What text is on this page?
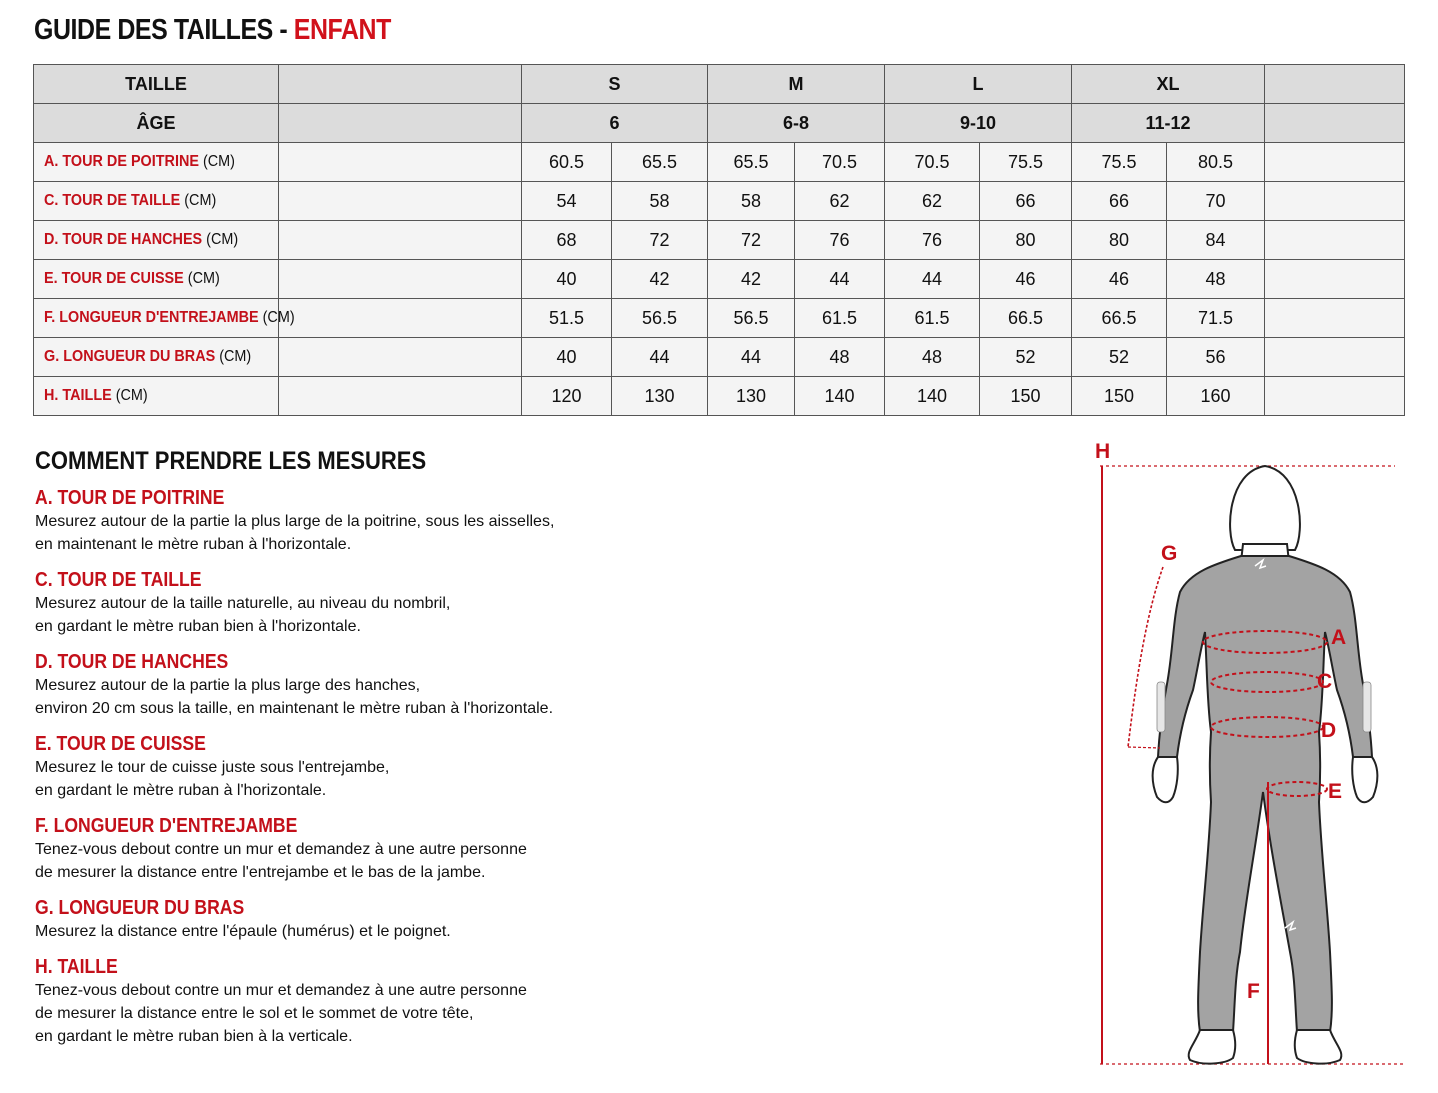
GUIDE DES TAILLES - ENFANT
TAILLE		S		M		L		XL		
ÂGE		6		6-8		9-10		11-12		
A. TOUR DE POITRINE (CM)		60.5	65.5	65.5	70.5	70.5	75.5	75.5	80.5	
C. TOUR DE TAILLE (CM)		54	58	58	62	62	66	66	70	
D. TOUR DE HANCHES (CM)		68	72	72	76	76	80	80	84	
E. TOUR DE CUISSE (CM)		40	42	42	44	44	46	46	48	
F. LONGUEUR D'ENTREJAMBE (CM)		51.5	56.5	56.5	61.5	61.5	66.5	66.5	71.5	
G. LONGUEUR DU BRAS (CM)		40	44	44	48	48	52	52	56	
H. TAILLE (CM)		120	130	130	140	140	150	150	160	
COMMENT PRENDRE LES MESURES
A. TOUR DE POITRINE
Mesurez autour de la partie la plus large de la poitrine, sous les aisselles,
en maintenant le mètre ruban à l'horizontale.
C. TOUR DE TAILLE
Mesurez autour de la taille naturelle, au niveau du nombril,
en gardant le mètre ruban bien à l'horizontale.
D. TOUR DE HANCHES
Mesurez autour de la partie la plus large des hanches,
environ 20 cm sous la taille, en maintenant le mètre ruban à l'horizontale.
E. TOUR DE CUISSE
Mesurez le tour de cuisse juste sous l'entrejambe,
en gardant le mètre ruban à l'horizontale.
F. LONGUEUR D'ENTREJAMBE
Tenez-vous debout contre un mur et demandez à une autre personne
de mesurer la distance entre l'entrejambe et le bas de la jambe.
G. LONGUEUR DU BRAS
Mesurez la distance entre l'épaule (humérus) et le poignet.
H. TAILLE
Tenez-vous debout contre un mur et demandez à une autre personne
de mesurer la distance entre le sol et le sommet de votre tête,
en gardant le mètre ruban bien à la verticale.
H
G
A
C
D
E
F
